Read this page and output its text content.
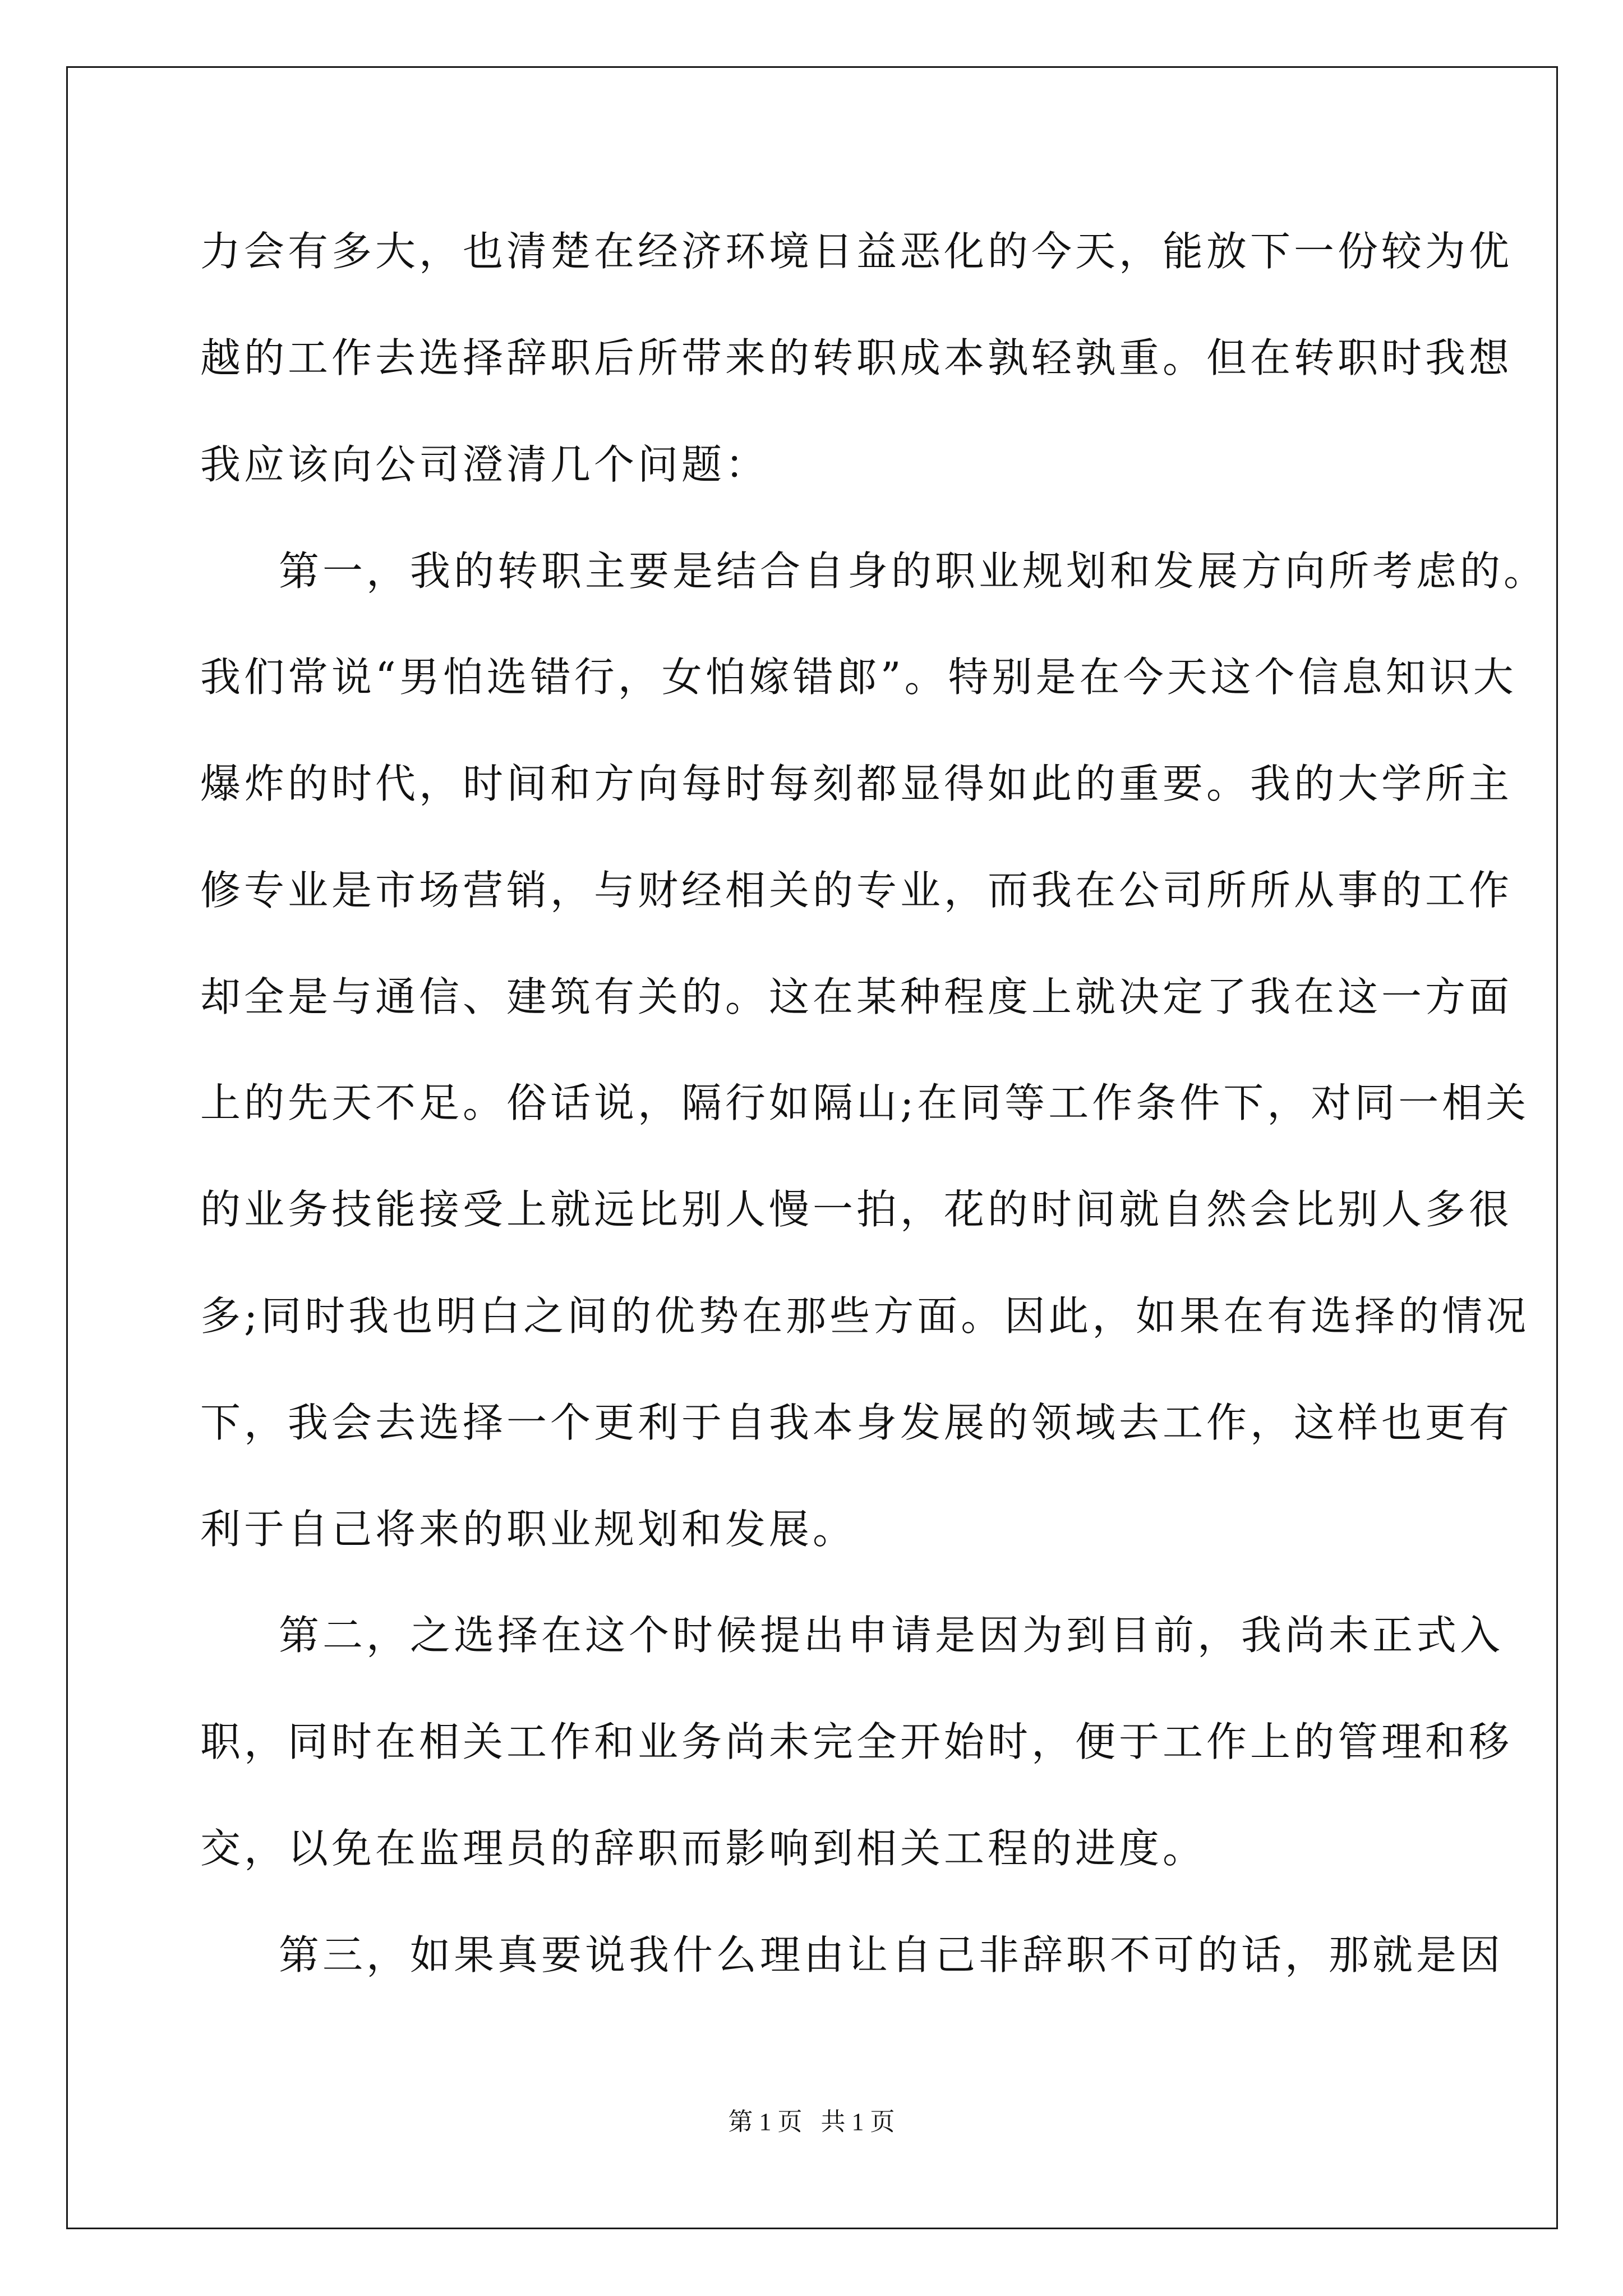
力会有多大，也清楚在经济环境日益恶化的今天，能放下一份较为优
越的工作去选择辞职后所带来的转职成本孰轻孰重。但在转职时我想
我应该向公司澄清几个问题：
第一，我的转职主要是结合自身的职业规划和发展方向所考虑的。
我们常说“男怕选错行，女怕嫁错郎”。特别是在今天这个信息知识大
爆炸的时代，时间和方向每时每刻都显得如此的重要。我的大学所主
修专业是市场营销，与财经相关的专业，而我在公司所所从事的工作
却全是与通信、建筑有关的。这在某种程度上就决定了我在这一方面
上的先天不足。俗话说，隔行如隔山;在同等工作条件下，对同一相关
的业务技能接受上就远比别人慢一拍，花的时间就自然会比别人多很
多;同时我也明白之间的优势在那些方面。因此，如果在有选择的情况
下，我会去选择一个更利于自我本身发展的领域去工作，这样也更有
利于自己将来的职业规划和发展。
第二，之选择在这个时候提出申请是因为到目前，我尚未正式入
职，同时在相关工作和业务尚未完全开始时，便于工作上的管理和移
交，以免在监理员的辞职而影响到相关工程的进度。
第三，如果真要说我什么理由让自己非辞职不可的话，那就是因
第 1 页   共 1 页
